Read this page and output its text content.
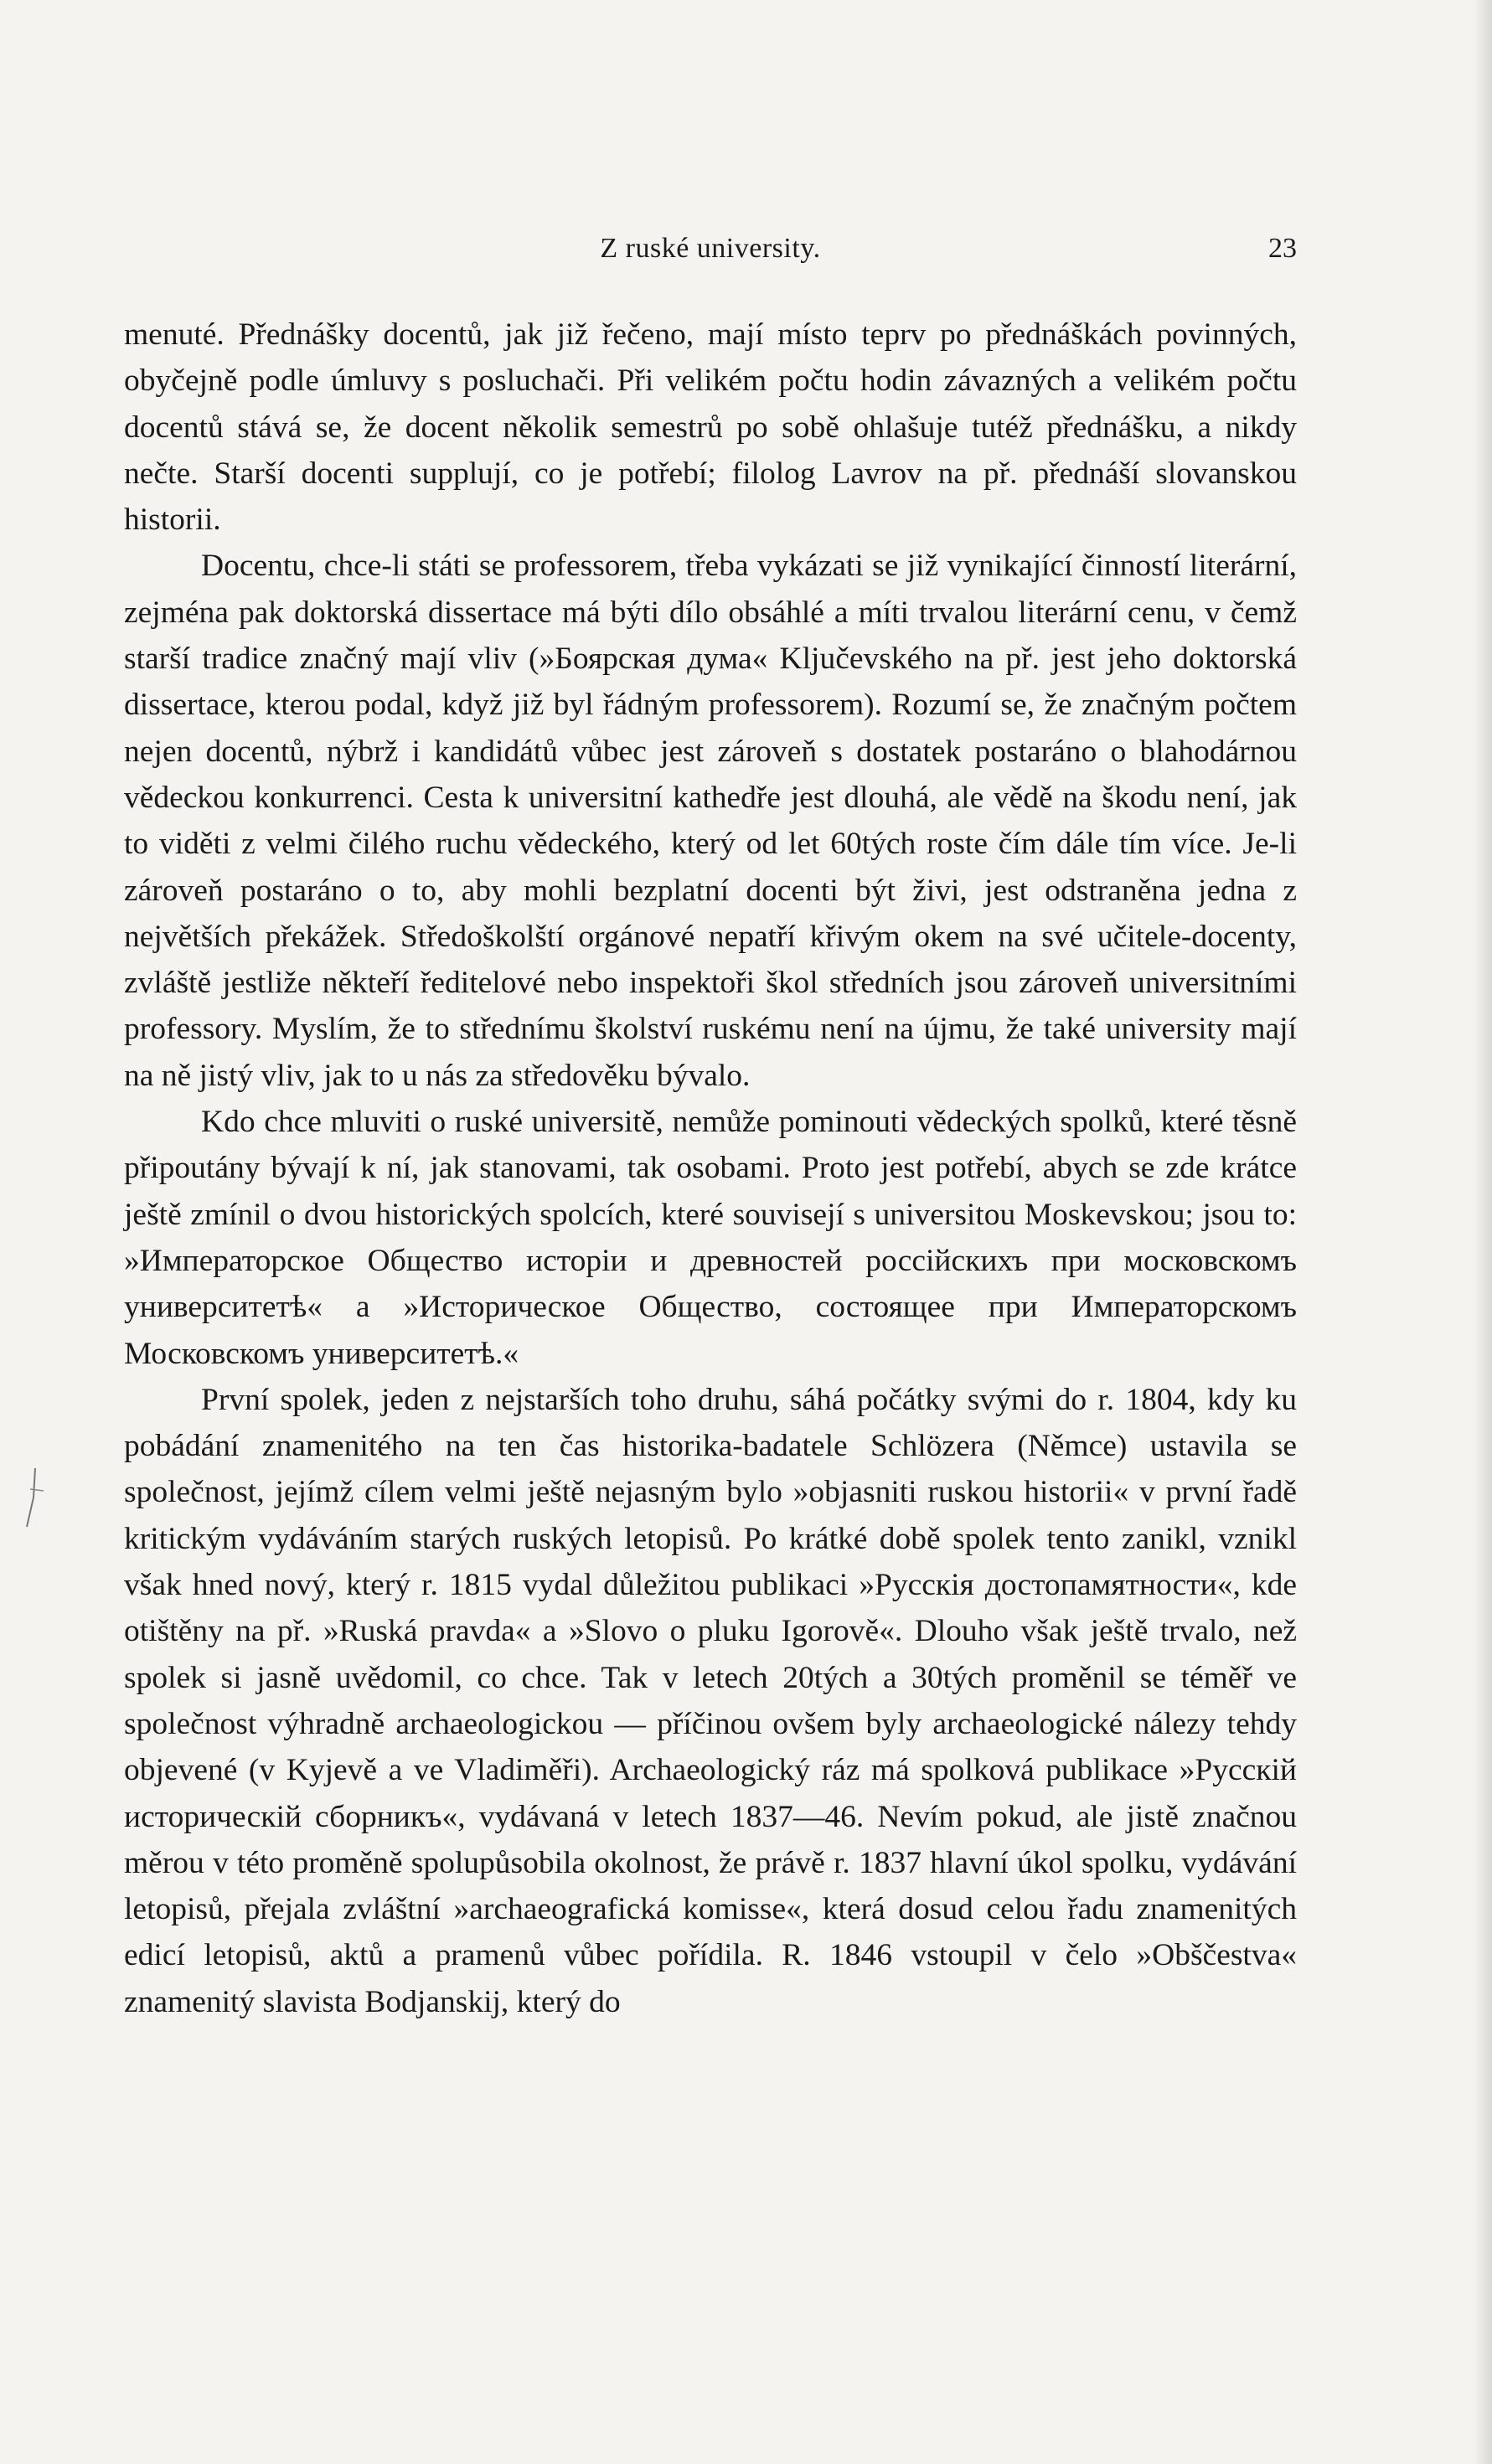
Z ruské university.	23

menuté. Přednášky docentů, jak již řečeno, mají místo teprv po přednáškách povinných, obyčejně podle úmluvy s posluchači. Při velikém počtu hodin závazných a velikém počtu docentů stává se, že docent několik semestrů po sobě ohlašuje tutéž přednášku, a nikdy nečte. Starší docenti supplují, co je potřebí; filolog Lavrov na př. přednáší slovanskou historii.

Docentu, chce-li státi se professorem, třeba vykázati se již vynikající činností literární, zejména pak doktorská dissertace má býti dílo obsáhlé a míti trvalou literární cenu, v čemž starší tradice značný mají vliv (»Боярская дума« Ključevského na př. jest jeho doktorská dissertace, kterou podal, když již byl řádným professorem). Rozumí se, že značným počtem nejen docentů, nýbrž i kandidátů vůbec jest zároveň s dostatek postaráno o blahodárnou vědeckou konkurrenci. Cesta k universitní kathedře jest dlouhá, ale vědě na škodu není, jak to viděti z velmi čilého ruchu vědeckého, který od let 60tých roste čím dále tím více. Je-li zároveň postaráno o to, aby mohli bezplatní docenti být živi, jest odstraněna jedna z největších překážek. Středoškolští orgánové nepatří křivým okem na své učitele-docenty, zvláště jestliže někteří ředitelové nebo inspektoři škol středních jsou zároveň universitními professory. Myslím, že to střednímu školství ruskému není na újmu, že také university mají na ně jistý vliv, jak to u nás za středověku bývalo.

Kdo chce mluviti o ruské universitě, nemůže pominouti vědeckých spolků, které těsně připoutány bývají k ní, jak stanovami, tak osobami. Proto jest potřebí, abych se zde krátce ještě zmínil o dvou historických spolcích, které souvisejí s universitou Moskevskou; jsou to: »Императорское Общество исторіи и древностей россійскихъ при московскомъ университетѣ« a »Историческое Общество, состоящее при Императорскомъ Московскомъ университетѣ.«

První spolek, jeden z nejstarších toho druhu, sáhá počátky svými do r. 1804, kdy ku pobádání znamenitého na ten čas historika-badatele Schlözera (Němce) ustavila se společnost, jejímž cílem velmi ještě nejasným bylo »objasniti ruskou historii« v první řadě kritickým vydáváním starých ruských letopisů. Po krátké době spolek tento zanikl, vznikl však hned nový, který r. 1815 vydal důležitou publikaci »Русскія достопамятности«, kde otištěny na př. »Ruská pravda« a »Slovo o pluku Igorově«. Dlouho však ještě trvalo, než spolek si jasně uvědomil, co chce. Tak v letech 20tých a 30tých proměnil se téměř ve společnost výhradně archaeologickou — příčinou ovšem byly archaeologické nálezy tehdy objevené (v Kyjevě a ve Vladiměři). Archaeologický ráz má spolková publikace »Русскій историческій сборникъ«, vydávaná v letech 1837—46. Nevím pokud, ale jistě značnou měrou v této proměně spolupůsobila okolnost, že právě r. 1837 hlavní úkol spolku, vydávání letopisů, přejala zvláštní »archaeografická komisse«, která dosud celou řadu znamenitých edicí letopisů, aktů a pramenů vůbec pořídila. R. 1846 vstoupil v čelo »Obščestva« znamenitý slavista Bodjanskij, který do
